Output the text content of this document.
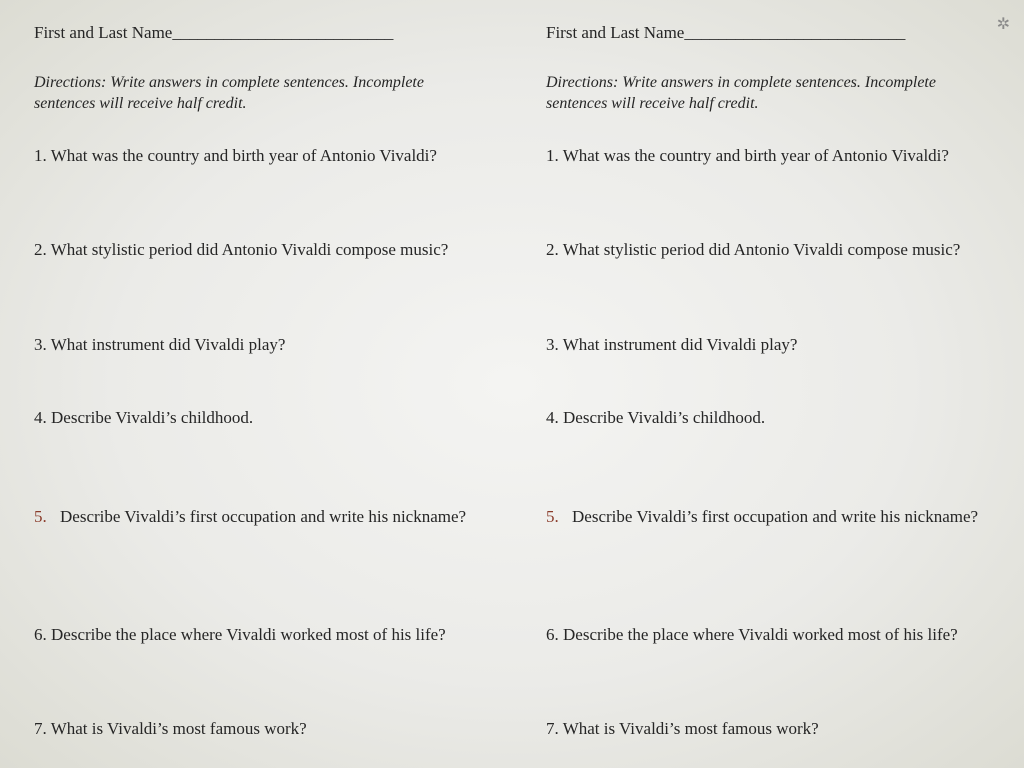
First and Last Name__________________________

Directions: Write answers in complete sentences. Incomplete sentences will receive half credit.

1. What was the country and birth year of Antonio Vivaldi?

2. What stylistic period did Antonio Vivaldi compose music?

3. What instrument did Vivaldi play?

4. Describe Vivaldi’s childhood.

5. Describe Vivaldi’s first occupation and write his nickname?

6. Describe the place where Vivaldi worked most of his life?

7. What is Vivaldi’s most famous work?

First and Last Name__________________________

Directions: Write answers in complete sentences. Incomplete sentences will receive half credit.

1. What was the country and birth year of Antonio Vivaldi?

2. What stylistic period did Antonio Vivaldi compose music?

3. What instrument did Vivaldi play?

4. Describe Vivaldi’s childhood.

5. Describe Vivaldi’s first occupation and write his nickname?

6. Describe the place where Vivaldi worked most of his life?

7. What is Vivaldi’s most famous work?

✲
